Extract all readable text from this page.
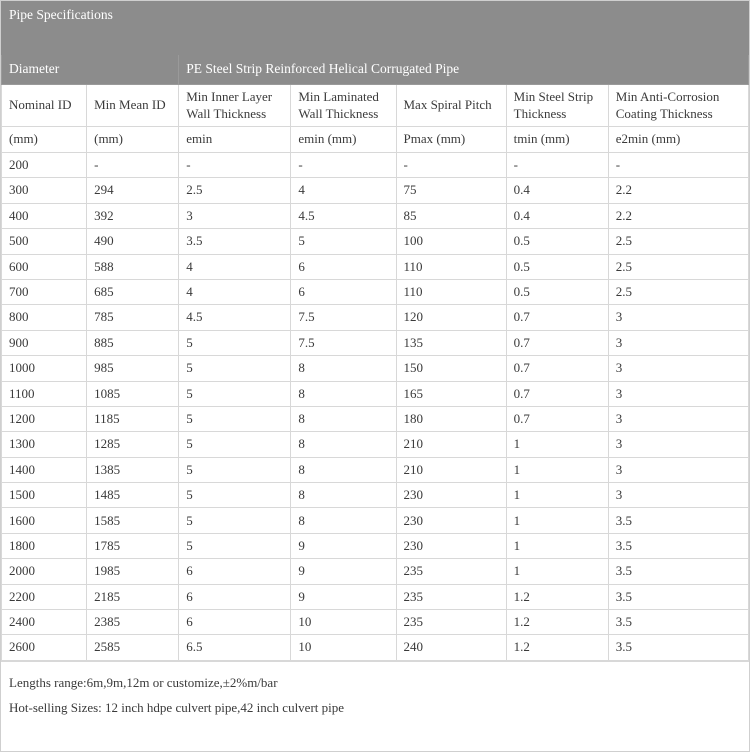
Pipe Specifications

Diameter		PE Steel Strip Reinforced Helical Corrugated Pipe				
Nominal ID	Min Mean ID	Min Inner Layer Wall Thickness	Min Laminated Wall Thickness	Max Spiral Pitch	Min Steel Strip Thickness	Min Anti-Corrosion Coating Thickness
(mm)	(mm)	emin	emin (mm)	Pmax (mm)	tmin (mm)	e2min (mm)
200	-	-	-	-	-	-
300	294	2.5	4	75	0.4	2.2
400	392	3	4.5	85	0.4	2.2
500	490	3.5	5	100	0.5	2.5
600	588	4	6	110	0.5	2.5
700	685	4	6	110	0.5	2.5
800	785	4.5	7.5	120	0.7	3
900	885	5	7.5	135	0.7	3
1000	985	5	8	150	0.7	3
1100	1085	5	8	165	0.7	3
1200	1185	5	8	180	0.7	3
1300	1285	5	8	210	1	3
1400	1385	5	8	210	1	3
1500	1485	5	8	230	1	3
1600	1585	5	8	230	1	3.5
1800	1785	5	9	230	1	3.5
2000	1985	6	9	235	1	3.5
2200	2185	6	9	235	1.2	3.5
2400	2385	6	10	235	1.2	3.5
2600	2585	6.5	10	240	1.2	3.5
Lengths range:6m,9m,12m or customize,±2%m/bar
Hot-selling Sizes: 12 inch hdpe culvert pipe,42 inch culvert pipe
